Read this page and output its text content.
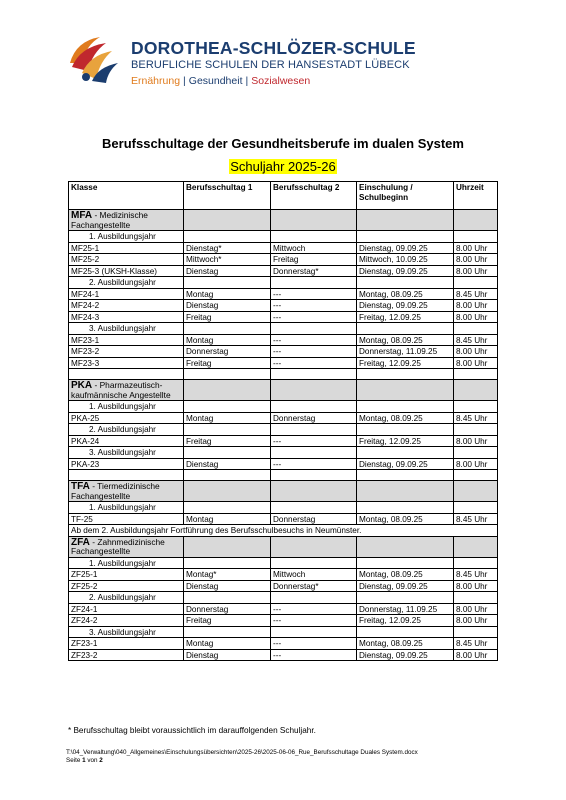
DOROTHEA-SCHLÖZER-SCHULE
BERUFLICHE SCHULEN DER HANSESTADT LÜBECK
Ernährung | Gesundheit | Sozialwesen
Berufsschultage der Gesundheitsberufe im dualen System
Schuljahr 2025-26
Klasse	Berufsschultag 1	Berufsschultag 2	Einschulung / Schulbeginn	Uhrzeit
MFA - Medizinische Fachangestellte				
1. Ausbildungsjahr				
MF25-1	Dienstag*	Mittwoch	Dienstag, 09.09.25	8.00 Uhr
MF25-2	Mittwoch*	Freitag	Mittwoch, 10.09.25	8.00 Uhr
MF25-3 (UKSH-Klasse)	Dienstag	Donnerstag*	Dienstag, 09.09.25	8.00 Uhr
2. Ausbildungsjahr				
MF24-1	Montag	---	Montag, 08.09.25	8.45 Uhr
MF24-2	Dienstag	---	Dienstag, 09.09.25	8.00 Uhr
MF24-3	Freitag	---	Freitag, 12.09.25	8.00 Uhr
3. Ausbildungsjahr				
MF23-1	Montag	---	Montag, 08.09.25	8.45 Uhr
MF23-2	Donnerstag	---	Donnerstag, 11.09.25	8.00 Uhr
MF23-3	Freitag	---	Freitag, 12.09.25	8.00 Uhr

PKA - Pharmazeutisch-kaufmännische Angestellte				
1. Ausbildungsjahr				
PKA-25	Montag	Donnerstag	Montag, 08.09.25	8.45 Uhr
2. Ausbildungsjahr				
PKA-24	Freitag	---	Freitag, 12.09.25	8.00 Uhr
3. Ausbildungsjahr				
PKA-23	Dienstag	---	Dienstag, 09.09.25	8.00 Uhr

TFA - Tiermedizinische Fachangestellte				
1. Ausbildungsjahr				
TF-25	Montag	Donnerstag	Montag, 08.09.25	8.45 Uhr
Ab dem 2. Ausbildungsjahr Fortführung des Berufsschulbesuchs in Neumünster.				
ZFA - Zahnmedizinische Fachangestellte				
1. Ausbildungsjahr				
ZF25-1	Montag*	Mittwoch	Montag, 08.09.25	8.45 Uhr
ZF25-2	Dienstag	Donnerstag*	Dienstag, 09.09.25	8.00 Uhr
2. Ausbildungsjahr				
ZF24-1	Donnerstag	---	Donnerstag, 11.09.25	8.00 Uhr
ZF24-2	Freitag	---	Freitag, 12.09.25	8.00 Uhr
3. Ausbildungsjahr				
ZF23-1	Montag	---	Montag, 08.09.25	8.45 Uhr
ZF23-2	Dienstag	---	Dienstag, 09.09.25	8.00 Uhr
* Berufsschultag bleibt voraussichtlich im darauffolgenden Schuljahr.
T:\04_Verwaltung\040_Allgemeines\Einschulungsübersichten\2025-26\2025-06-06_Rue_Berufsschultage Duales System.docx
Seite 1 von 2
